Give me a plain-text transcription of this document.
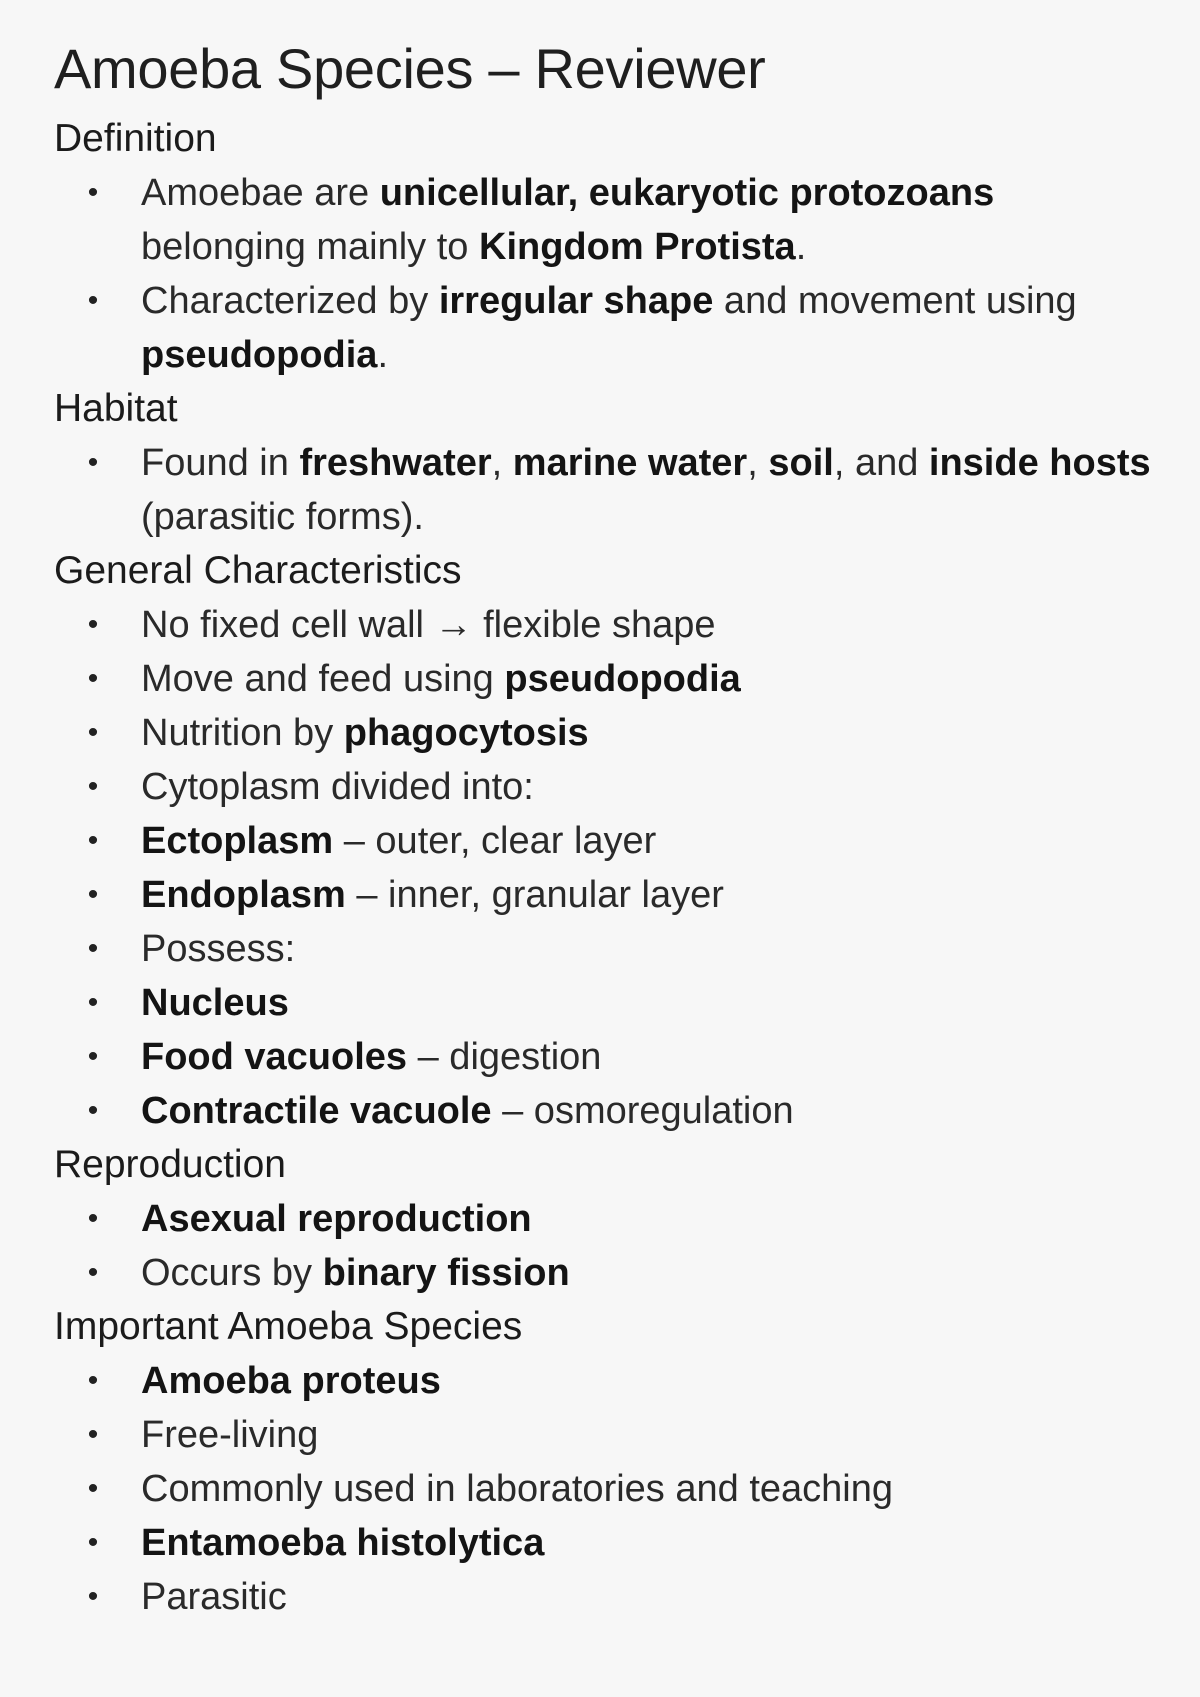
Amoeba Species – Reviewer
Definition
• Amoebae are unicellular, eukaryotic protozoans belonging mainly to Kingdom Protista.
• Characterized by irregular shape and movement using pseudopodia.
Habitat
• Found in freshwater, marine water, soil, and inside hosts (parasitic forms).
General Characteristics
• No fixed cell wall → flexible shape
• Move and feed using pseudopodia
• Nutrition by phagocytosis
• Cytoplasm divided into:
• Ectoplasm – outer, clear layer
• Endoplasm – inner, granular layer
• Possess:
• Nucleus
• Food vacuoles – digestion
• Contractile vacuole – osmoregulation
Reproduction
• Asexual reproduction
• Occurs by binary fission
Important Amoeba Species
• Amoeba proteus
• Free-living
• Commonly used in laboratories and teaching
• Entamoeba histolytica
• Parasitic
